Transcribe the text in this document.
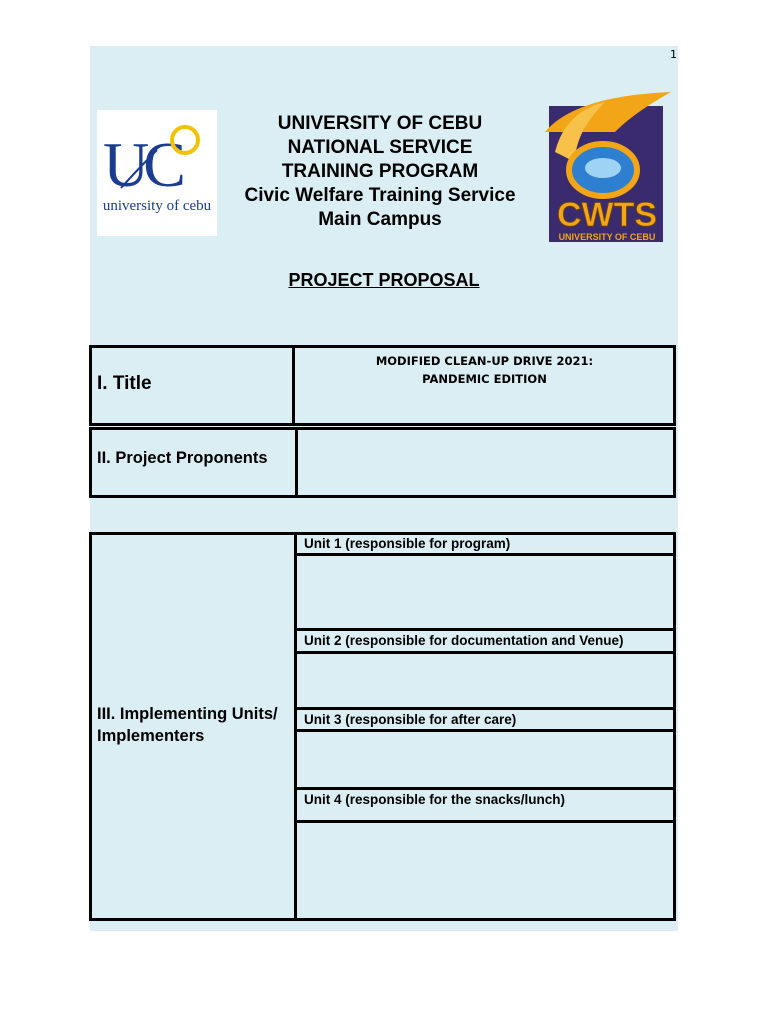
1
UC
university of cebu
UNIVERSITY OF CEBU
NATIONAL SERVICE
TRAINING PROGRAM
Civic Welfare Training Service
Main Campus	CWTS
UNIVERSITY OF CEBU
PROJECT PROPOSAL
I. Title
MODIFIED CLEAN-UP DRIVE 2021:
PANDEMIC EDITION
II. Project Proponents
III. Implementing Units/
Implementers
Unit 1 (responsible for program)
Unit 2 (responsible for documentation and Venue)
Unit 3 (responsible for after care)
Unit 4 (responsible for the snacks/lunch)
